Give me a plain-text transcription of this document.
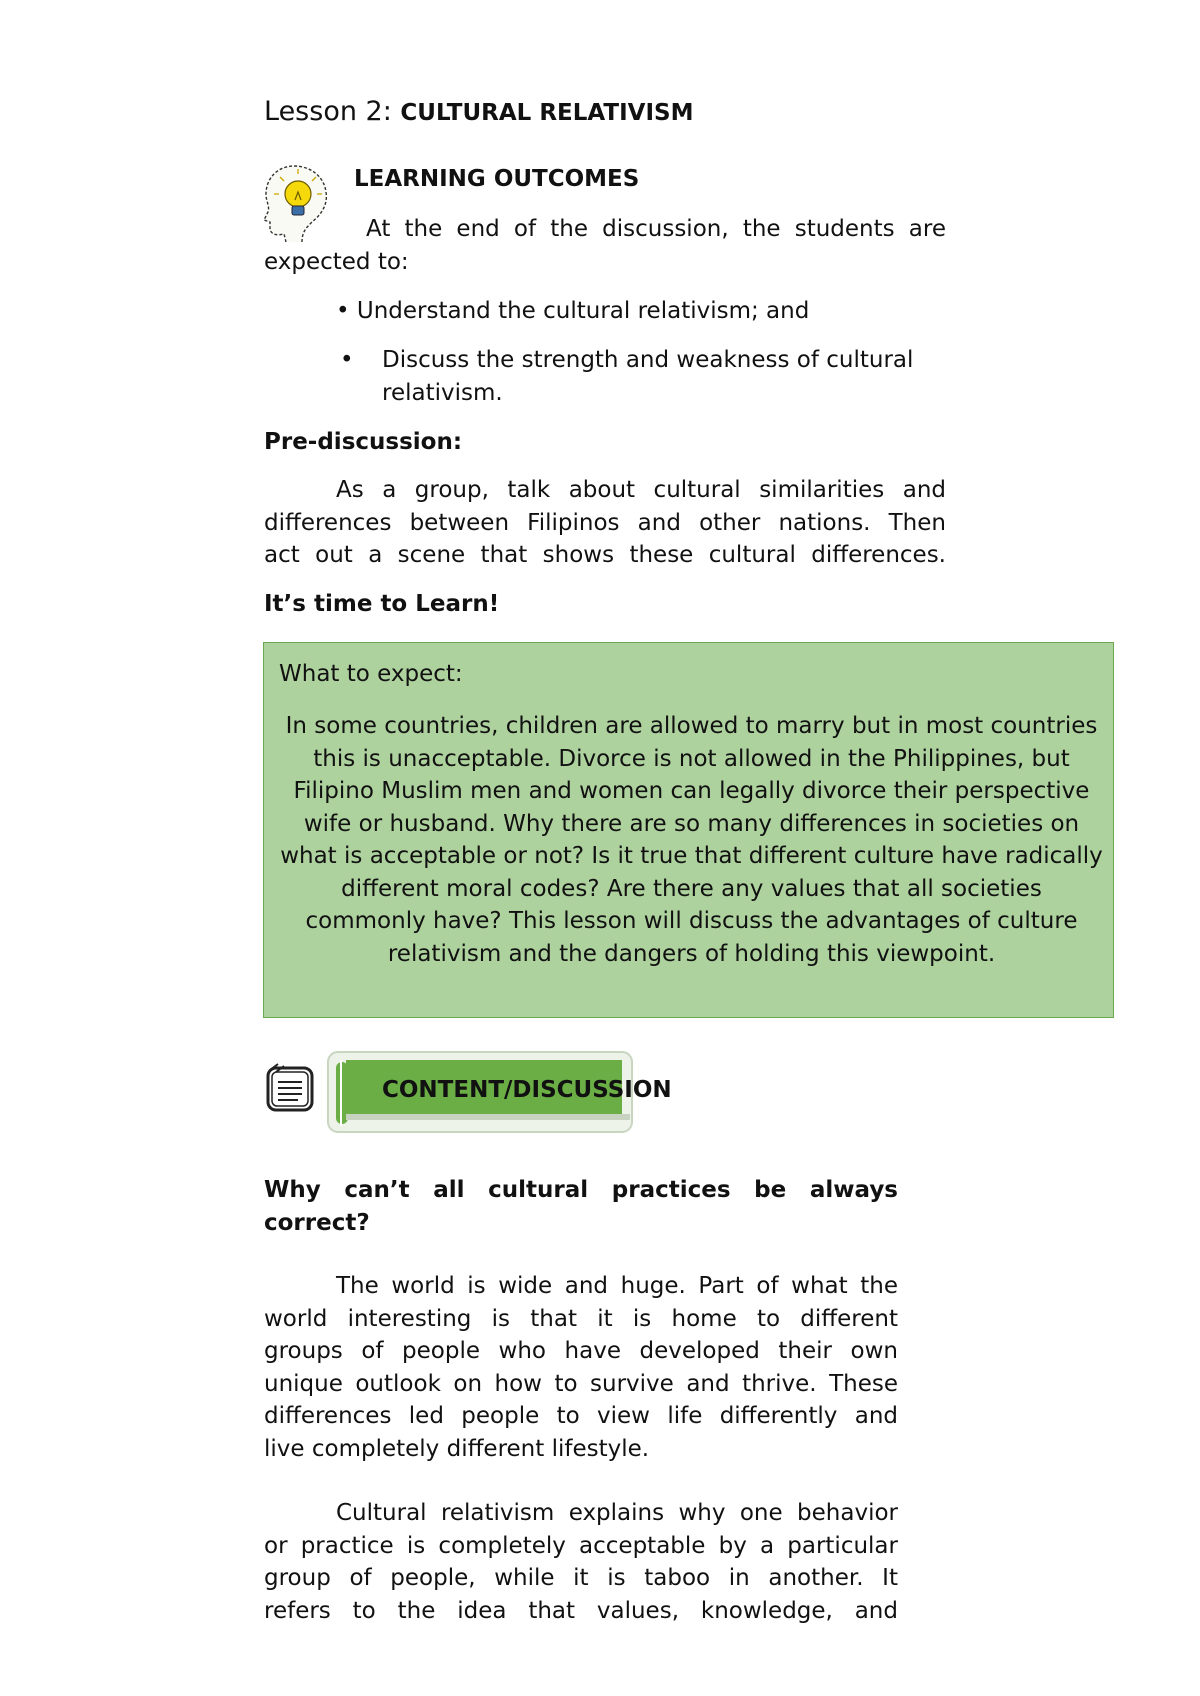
Lesson 2: CULTURAL RELATIVISM
LEARNING OUTCOMES
At the end of the discussion, the students are
expected to:
• Understand the cultural relativism; and
• Discuss the strength and weakness of cultural relativism.
Pre-discussion:
As a group, talk about cultural similarities and
differences between Filipinos and other nations. Then
act out a scene that shows these cultural differences.
It’s time to Learn!
What to expect:
In some countries, children are allowed to marry but in most countries this is unacceptable. Divorce is not allowed in the Philippines, but Filipino Muslim men and women can legally divorce their perspective wife or husband. Why there are so many differences in societies on what is acceptable or not? Is it true that different culture have radically different moral codes? Are there any values that all societies commonly have? This lesson will discuss the advantages of culture relativism and the dangers of holding this viewpoint.
CONTENT/DISCUSSION
Why can’t all cultural practices be always
correct?
The world is wide and huge. Part of what the
world interesting is that it is home to different
groups of people who have developed their own
unique outlook on how to survive and thrive. These
differences led people to view life differently and
live completely different lifestyle.
Cultural relativism explains why one behavior
or practice is completely acceptable by a particular
group of people, while it is taboo in another. It
refers to the idea that values, knowledge, and
